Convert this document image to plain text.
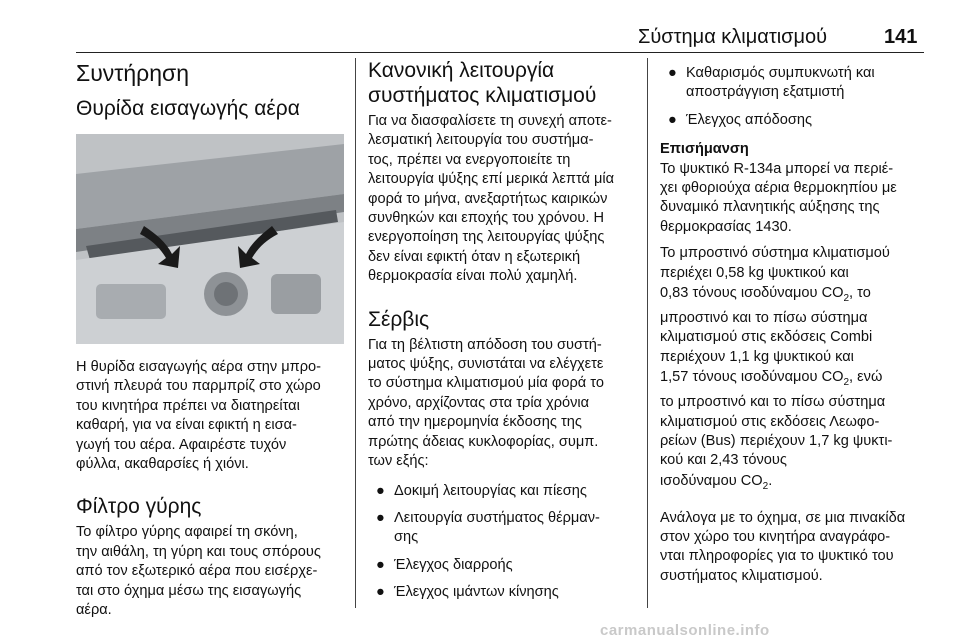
Σύστημα κλιματισμού	141
Συντήρηση
Θυρίδα εισαγωγής αέρα
Η θυρίδα εισαγωγής αέρα στην μπρο-
στινή πλευρά του παρμπρίζ στο χώρο
του κινητήρα πρέπει να διατηρείται
καθαρή, για να είναι εφικτή η εισα-
γωγή του αέρα. Αφαιρέστε τυχόν
φύλλα, ακαθαρσίες ή χιόνι.
Φίλτρο γύρης
Το φίλτρο γύρης αφαιρεί τη σκόνη,
την αιθάλη, τη γύρη και τους σπόρους
από τον εξωτερικό αέρα που εισέρχε-
ται στο όχημα μέσω της εισαγωγής
αέρα.
Κανονική λειτουργία
συστήματος κλιματισμού
Για να διασφαλίσετε τη συνεχή αποτε-
λεσματική λειτουργία του συστήμα-
τος, πρέπει να ενεργοποιείτε τη
λειτουργία ψύξης επί μερικά λεπτά μία
φορά το μήνα, ανεξαρτήτως καιρικών
συνθηκών και εποχής του χρόνου. Η
ενεργοποίηση της λειτουργίας ψύξης
δεν είναι εφικτή όταν η εξωτερική
θερμοκρασία είναι πολύ χαμηλή.
Σέρβις
Για τη βέλτιστη απόδοση του συστή-
ματος ψύξης, συνιστάται να ελέγχετε
το σύστημα κλιματισμού μία φορά το
χρόνο, αρχίζοντας στα τρία χρόνια
από την ημερομηνία έκδοσης της
πρώτης άδειας κυκλοφορίας, συμπ.
των εξής:
● Δοκιμή λειτουργίας και πίεσης
● Λειτουργία συστήματος θέρμαν-
σης
● Έλεγχος διαρροής
● Έλεγχος ιμάντων κίνησης
● Καθαρισμός συμπυκνωτή και
αποστράγγιση εξατμιστή
● Έλεγχος απόδοσης
Επισήμανση
Το ψυκτικό R-134a μπορεί να περιέ-
χει φθοριούχα αέρια θερμοκηπίου με
δυναμικό πλανητικής αύξησης της
θερμοκρασίας 1430.
Το μπροστινό σύστημα κλιματισμού
περιέχει 0,58 kg ψυκτικού και
0,83 τόνους ισοδύναμου $CO_2$, το
μπροστινό και το πίσω σύστημα
κλιματισμού στις εκδόσεις Combi
περιέχουν 1,1 kg ψυκτικού και
1,57 τόνους ισοδύναμου $CO_2$, ενώ
το μπροστινό και το πίσω σύστημα
κλιματισμού στις εκδόσεις Λεωφο-
ρείων (Bus) περιέχουν 1,7 kg ψυκτι-
κού και 2,43 τόνους
ισοδύναμου $CO_2$.
Ανάλογα με το όχημα, σε μια πινακίδα
στον χώρο του κινητήρα αναγράφο-
νται πληροφορίες για το ψυκτικό του
συστήματος κλιματισμού.
carmanualsonline.info
